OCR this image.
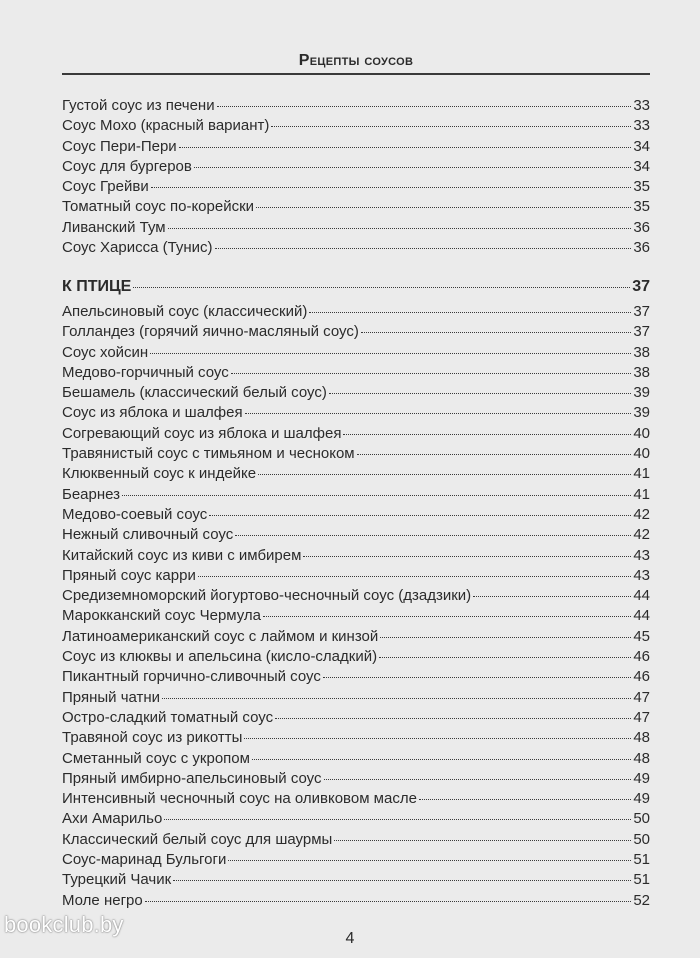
Рецепты соусов
Густой соус из печени	33
Соус Мохо (красный вариант)	33
Соус Пери-Пери	34
Соус для бургеров	34
Соус Грейви	35
Томатный соус по-корейски	35
Ливанский Тум	36
Соус Харисса (Тунис)	36
К ПТИЦЕ	37
Апельсиновый соус (классический)	37
Голландез (горячий яично-масляный соус)	37
Соус хойсин	38
Медово-горчичный соус	38
Бешамель (классический белый соус)	39
Соус из яблока и шалфея	39
Согревающий соус из яблока и шалфея	40
Травянистый соус с тимьяном и чесноком	40
Клюквенный соус к индейке	41
Беарнез	41
Медово-соевый соус	42
Нежный сливочный соус	42
Китайский соус из киви с имбирем	43
Пряный соус карри	43
Средиземноморский йогуртово-чесночный соус (дзадзики)	44
Марокканский соус Чермула	44
Латиноамериканский соус с лаймом и кинзой	45
Соус из клюквы и апельсина (кисло-сладкий)	46
Пикантный горчично-сливочный соус	46
Пряный чатни	47
Остро-сладкий томатный соус	47
Травяной соус из рикотты	48
Сметанный соус с укропом	48
Пряный имбирно-апельсиновый соус	49
Интенсивный чесночный соус на оливковом масле	49
Ахи Амарильо	50
Классический белый соус для шаурмы	50
Соус-маринад Бульгоги	51
Турецкий Чачик	51
Моле негро	52
bookclub.by
4
